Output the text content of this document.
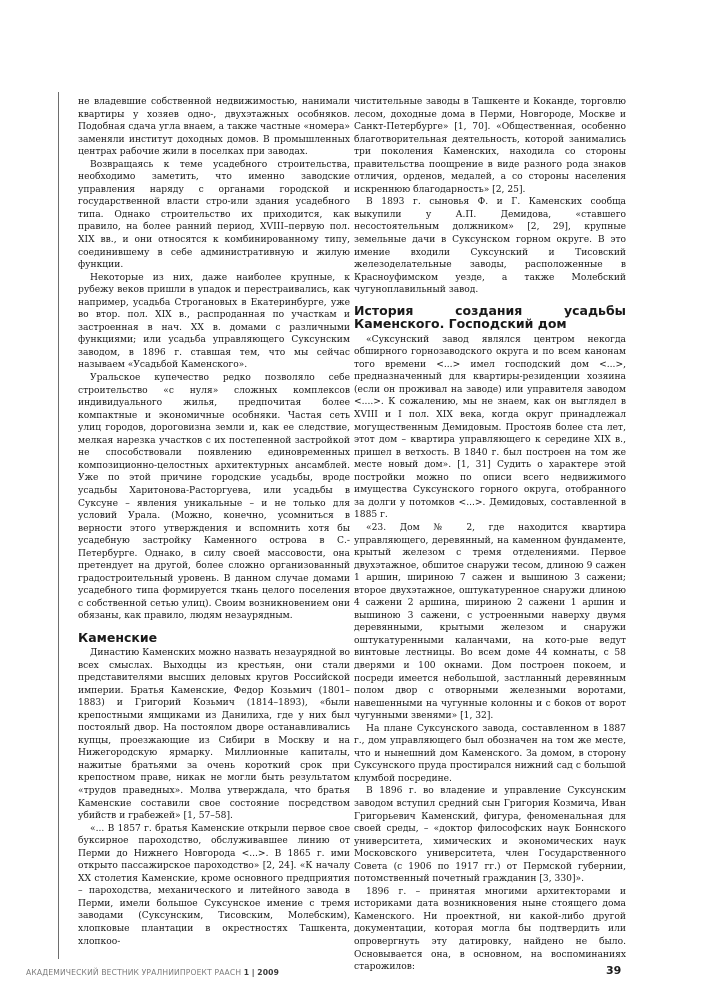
не владевшие собственной недвижимостью, нанимали квартиры у хозяев одно-, двухэтажных особняков. Подобная сдача угла внаем, а также частные «номера» заменяли институт доходных домов. В промышленных центрах рабочие жили в поселках при заводах.

Возвращаясь к теме усадебного строительства, необходимо заметить, что именно заводские управления наряду с органами городской и государственной власти стро-или здания усадебного типа. Однако строительство их приходится, как правило, на более ранний период, XVIII–первую пол. XIX вв., и они относятся к комбинированному типу, соединившему в себе административную и жилую функции.

Некоторые из них, даже наиболее крупные, к рубежу веков пришли в упадок и перестраивались, как например, усадьба Строгановых в Екатеринбурге, уже во втор. пол. XIX в., распроданная по участкам и застроенная в нач. XX в. домами с различными функциями; или усадьба управляющего Суксунским заводом, в 1896 г. ставшая тем, что мы сейчас называем «Усадьбой Каменского».

Уральское купечество редко позволяло себе строительство «с нуля» сложных комплексов индивидуального жилья, предпочитая более компактные и экономичные особняки. Частая сеть улиц городов, дороговизна земли и, как ее следствие, мелкая нарезка участков с их постепенной застройкой не способствовали появлению единовременных композиционно-целостных архитектурных ансамблей. Уже по этой причине городские усадьбы, вроде усадьбы Харитонова-Расторгуева, или усадьбы в Суксуне – явления уникальные – и не только для условий Урала. (Можно, конечно, усомниться в верности этого утверждения и вспомнить хотя бы усадебную застройку Каменного острова в С.-Петербурге. Однако, в силу своей массовости, она претендует на другой, более сложно организованный градостроительный уровень. В данном случае домами усадебного типа формируется ткань целого поселения с собственной сетью улиц). Своим возникновением они обязаны, как правило, людям незаурядным.

Каменские

Династию Каменских можно назвать незаурядной во всех смыслах. Выходцы из крестьян, они стали представителями высших деловых кругов Российской империи. Братья Каменские, Федор Козьмич (1801–1883) и Григорий Козьмич (1814–1893), «были крепостными ямщиками из Данилиха, где у них был постоялый двор. На постоялом дворе останавливались купцы, проезжающие из Сибири в Москву и на Нижегородскую ярмарку. Миллионные капиталы, нажитые братьями за очень короткий срок при крепостном праве, никак не могли быть результатом «трудов праведных». Молва утверждала, что братья Каменские составили свое состояние посредством убийств и грабежей» [1, 57–58].

«... В 1857 г. братья Каменские открыли первое свое буксирное пароходство, обслуживавшее линию от Перми до Нижнего Новгорода <...>. В 1865 г. ими открыто пассажирское пароходство» [2, 24]. «К началу XX столетия Каменские, кроме основного предприятия – пароходства, механического и литейного завода в Перми, имели большое Суксунское имение с тремя заводами (Суксунским, Тисовским, Молебским), хлопковые плантации в окрестностях Ташкента, хлопкоо-

чистительные заводы в Ташкенте и Коканде, торговлю лесом, доходные дома в Перми, Новгороде, Москве и Санкт-Петербурге» [1, 70]. «Общественная, особенно благотворительная деятельность, которой занимались три поколения Каменских, находила со стороны правительства поощрение в виде разного рода знаков отличия, орденов, медалей, а со стороны населения искреннюю благодарность» [2, 25].

В 1893 г. сыновья Ф. и Г. Каменских сообща выкупили у А.П. Демидова, «ставшего несостоятельным должником» [2, 29], крупные земельные дачи в Суксунском горном округе. В это имение входили Суксунский и Тисовский железоделательные заводы, расположенные в Красноуфимском уезде, а также Молебский чугуноплавильный завод.

История создания усадьбы Каменского. Господский дом

«Суксунский завод являлся центром некогда обширного горнозаводского округа и по всем канонам того времени <...> имел господский дом <...>, предназначенный для квартиры-резиденции хозяина (если он проживал на заводе) или управителя заводом <....>. К сожалению, мы не знаем, как он выглядел в XVIII и I пол. XIX века, когда округ принадлежал могущественным Демидовым. Простояв более ста лет, этот дом – квартира управляющего к середине XIX в., пришел в ветхость. В 1840 г. был построен на том же месте новый дом». [1, 31] Судить о характере этой постройки можно по описи всего недвижимого имущества Суксунского горного округа, отобранного за долги у потомков <...>. Демидовых, составленной в 1885 г.

«23. Дом № 2, где находится квартира управляющего, деревянный, на каменном фундаменте, крытый железом с тремя отделениями. Первое двухэтажное, обшитое снаружи тесом, длиною 9 сажен 1 аршин, шириною 7 сажен и вышиною 3 сажени; второе двухэтажное, оштукатуренное снаружи длиною 4 сажени 2 аршина, шириною 2 сажени 1 аршин и вышиною 3 сажени, с устроенными наверху двумя деревянными, крытыми железом и снаружи оштукатуренными каланчами, на кото-рые ведут винтовые лестницы. Во всем доме 44 комнаты, с 58 дверями и 100 окнами. Дом построен покоем, и посреди имеется небольшой, застланный деревянным полом двор с отворными железными воротами, навешенными на чугунные колонны и с боков от ворот чугунными звенями» [1, 32].

На плане Суксунского завода, составленном в 1887 г., дом управляющего был обозначен на том же месте, что и нынешний дом Каменского. За домом, в сторону Суксунского пруда простирался нижний сад с большой клумбой посредине.

В 1896 г. во владение и управление Суксунским заводом вступил средний сын Григория Козмича, Иван Григорьевич Каменский, фигура, феноменальная для своей среды, – «доктор философских наук Боннского университета, химических и экономических наук Московского университета, член Государственного Совета (с 1906 по 1917 гг.) от Пермской губернии, потомственный почетный гражданин [3, 330]».

1896 г. – принятая многими архитекторами и историками дата возникновения ныне стоящего дома Каменского. Ни проектной, ни какой-либо другой документации, которая могла бы подтвердить или опровергнуть эту датировку, найдено не было. Основывается она, в основном, на воспоминаниях старожилов:

АКАДЕМИЧЕСКИЙ ВЕСТНИК УРАЛНИИПРОЕКТ РААСН 1 | 2009	39
